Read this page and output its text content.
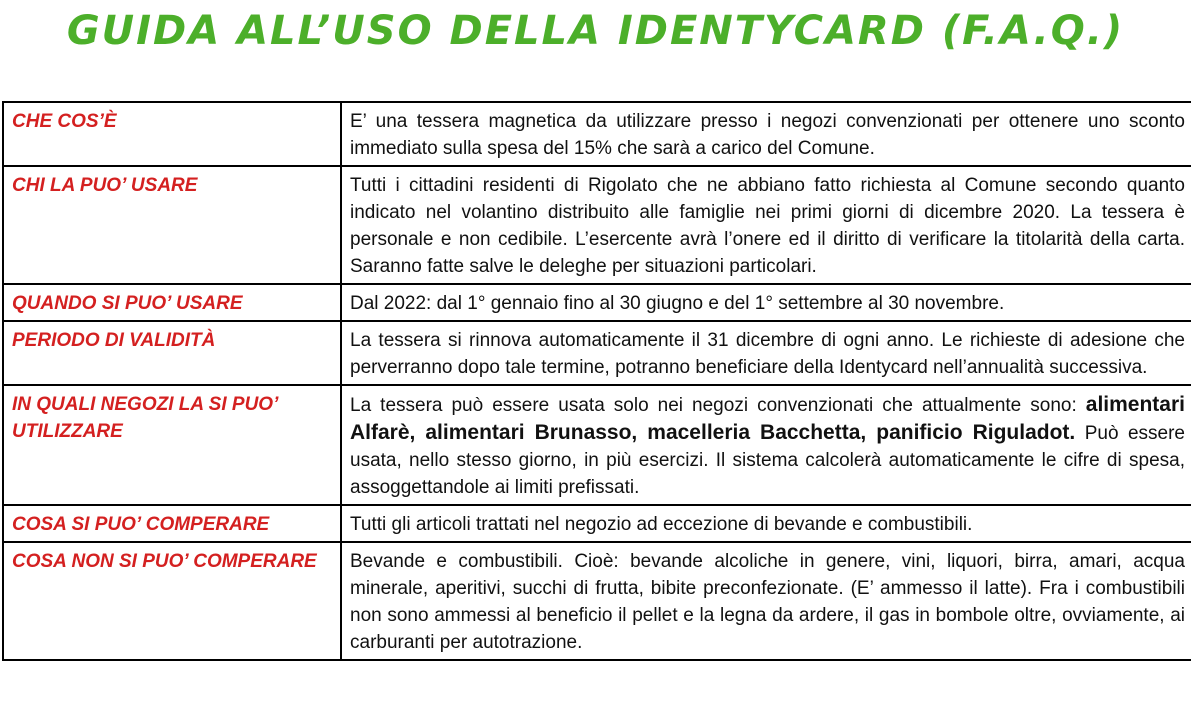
GUIDA ALL’USO DELLA IDENTYCARD (F.A.Q.)
CHE COS’È	E’ una tessera magnetica da utilizzare presso i negozi convenzionati per ottenere uno sconto immediato sulla spesa del 15% che sarà a carico del Comune.
CHI LA PUO’ USARE	Tutti i cittadini residenti di Rigolato che ne abbiano fatto richiesta al Comune secondo quanto indicato nel volantino distribuito alle famiglie nei primi giorni di dicembre 2020. La tessera è personale e non cedibile. L’esercente avrà l’onere ed il diritto di verificare la titolarità della carta. Saranno fatte salve le deleghe per situazioni particolari.
QUANDO SI PUO’ USARE	Dal 2022: dal 1° gennaio fino al 30 giugno e del 1° settembre al 30 novembre.
PERIODO DI VALIDITÀ	La tessera si rinnova automaticamente il 31 dicembre di ogni anno. Le richieste di adesione che perverranno dopo tale termine, potranno beneficiare della Identycard nell’annualità successiva.
IN QUALI NEGOZI LA SI PUO’ UTILIZZARE	La tessera può essere usata solo nei negozi convenzionati che attualmente sono: alimentari Alfarè, alimentari Brunasso, macelleria Bacchetta, panificio Riguladot. Può essere usata, nello stesso giorno, in più esercizi. Il sistema calcolerà automaticamente le cifre di spesa, assoggettandole ai limiti prefissati.
COSA SI PUO’ COMPERARE	Tutti gli articoli trattati nel negozio ad eccezione di bevande e combustibili.
COSA NON SI PUO’ COMPERARE	Bevande e combustibili. Cioè: bevande alcoliche in genere, vini, liquori, birra, amari, acqua minerale, aperitivi, succhi di frutta, bibite preconfezionate. (E’ ammesso il latte). Fra i combustibili non sono ammessi al beneficio il pellet e la legna da ardere, il gas in bombole oltre, ovviamente, ai carburanti per autotrazione.
